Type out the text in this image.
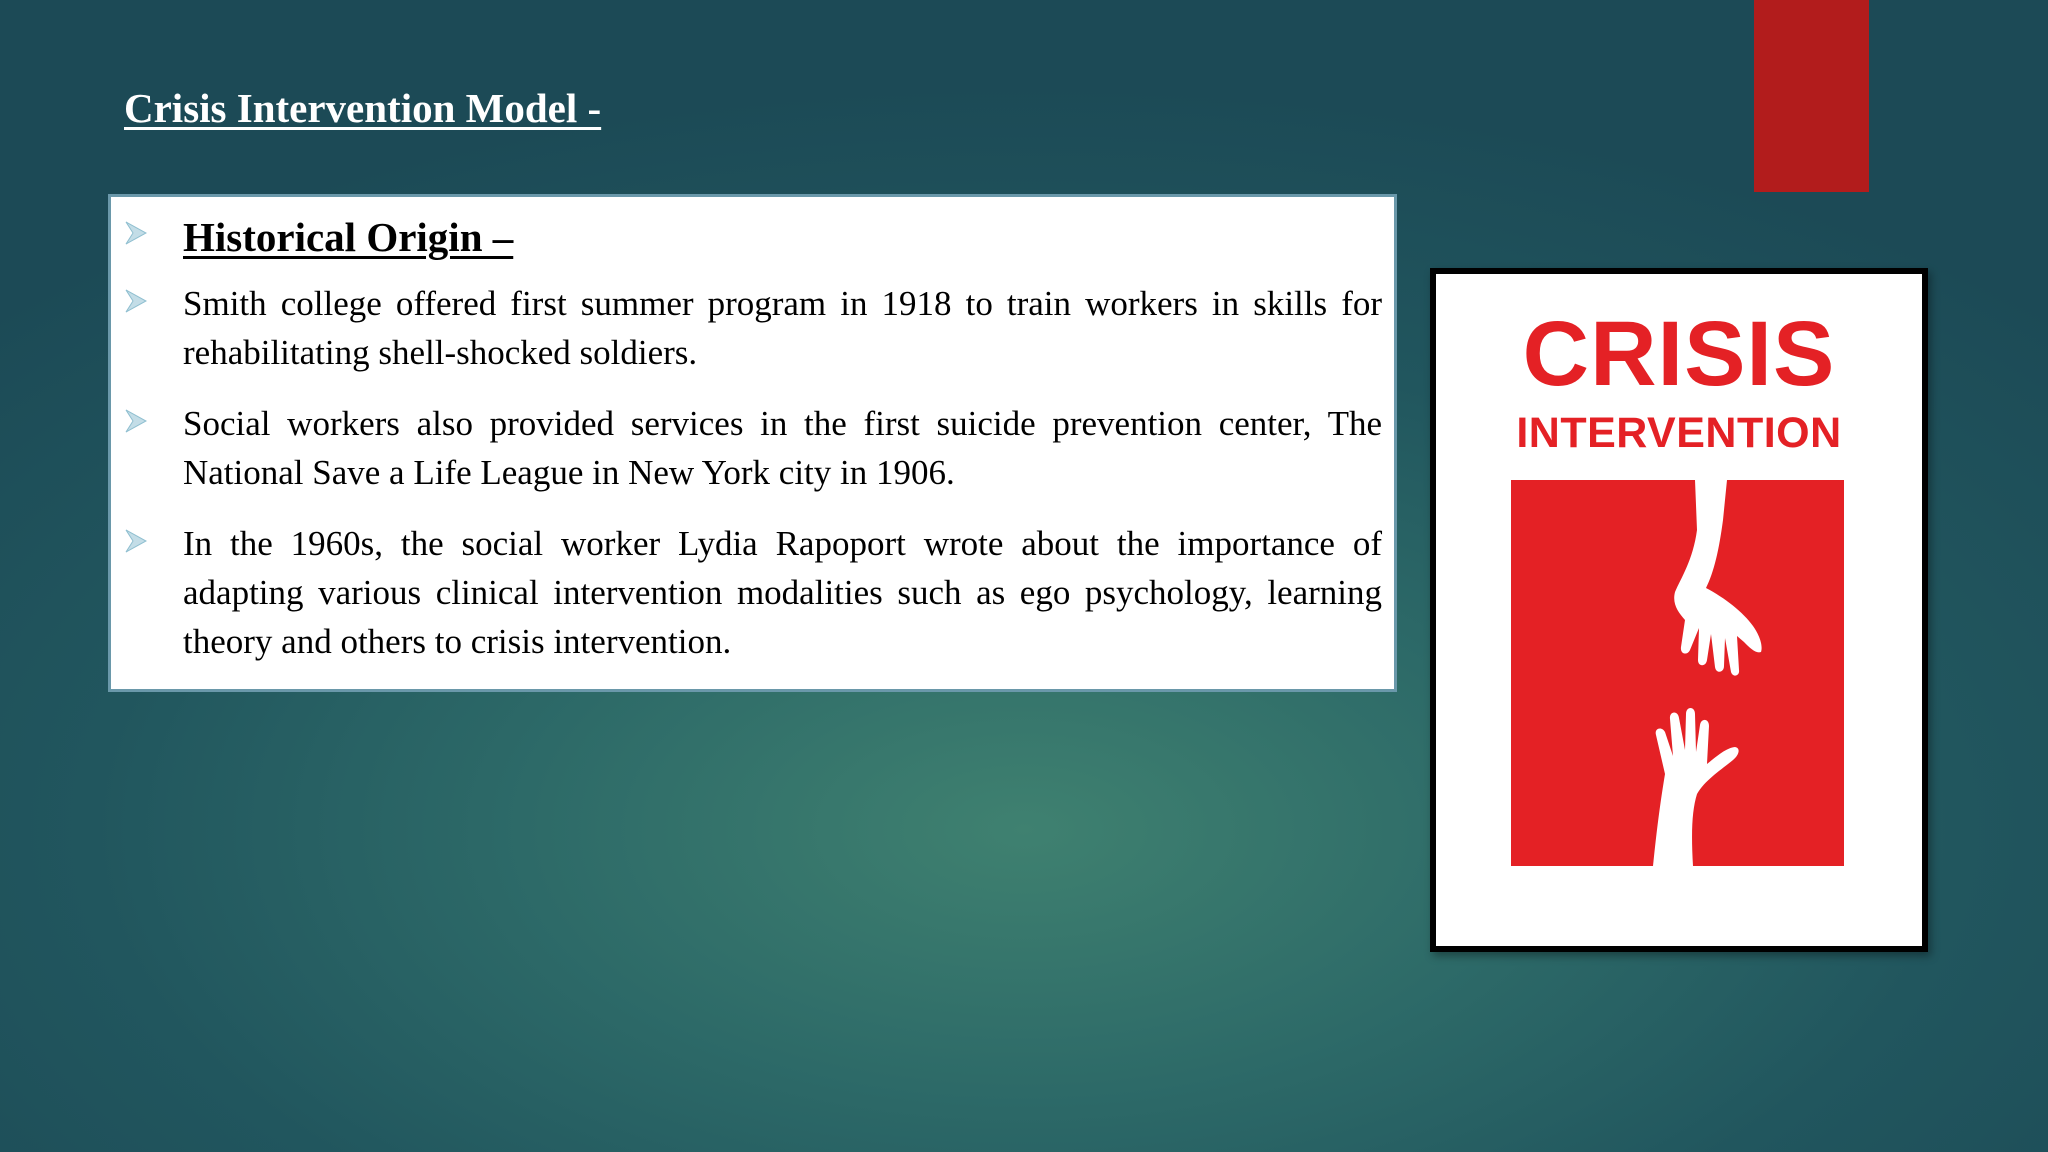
Crisis Intervention Model -
Historical Origin –
Smith college offered first summer program in 1918 to train workers in skills for rehabilitating shell-shocked soldiers.
Social workers also provided services in the first suicide prevention center, The National Save a Life League in New York city in 1906.
In the 1960s, the social worker Lydia Rapoport wrote about the importance of adapting various clinical intervention modalities such as ego psychology, learning theory and others to crisis intervention.
CRISIS
INTERVENTION
